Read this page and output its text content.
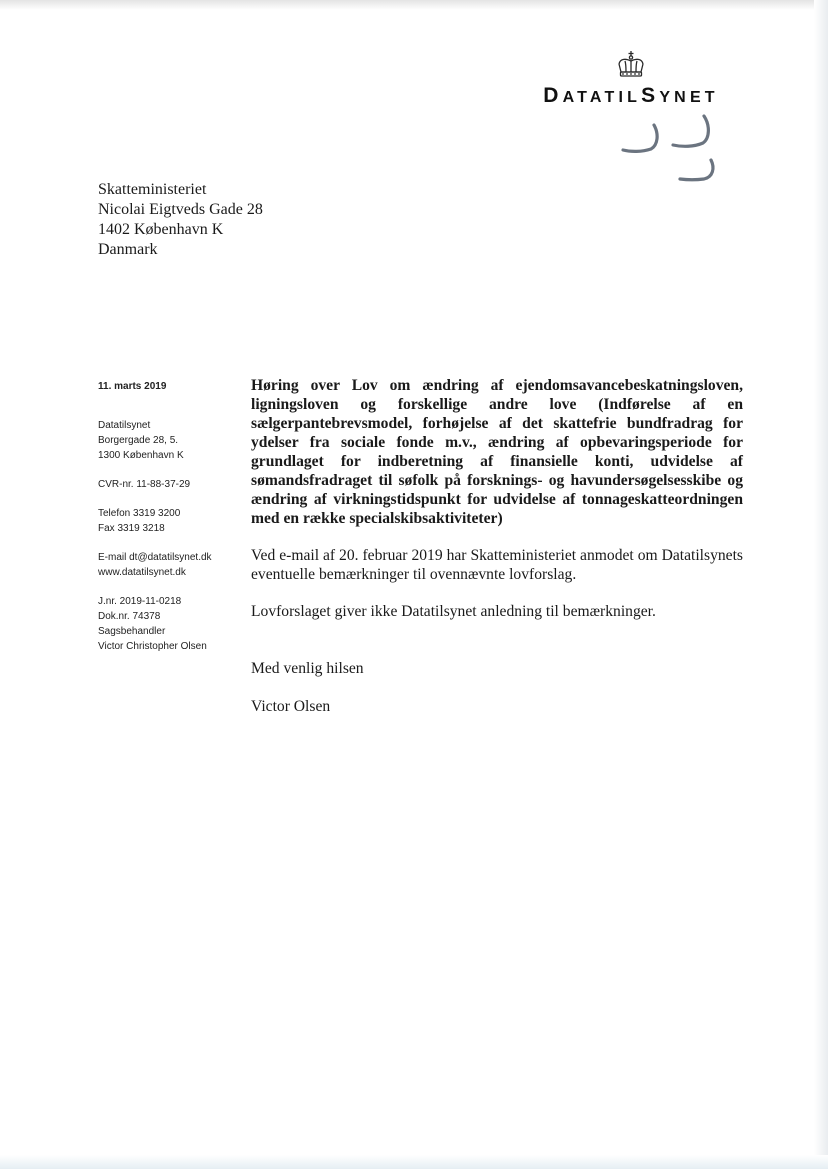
DATATILSYNET
Skatteministeriet
Nicolai Eigtveds Gade 28
1402 København K
Danmark
11. marts 2019
Datatilsynet
Borgergade 28, 5.
1300 København K
CVR-nr. 11-88-37-29
Telefon 3319 3200
Fax 3319 3218
E-mail dt@datatilsynet.dk
www.datatilsynet.dk
J.nr. 2019-11-0218
Dok.nr. 74378
Sagsbehandler
Victor Christopher Olsen

Høring over Lov om ændring af ejendomsavancebeskatningsloven, ligningsloven og forskellige andre love (Indførelse af en sælgerpantebrevsmodel, forhøjelse af det skattefrie bundfradrag for ydelser fra sociale fonde m.v., ændring af opbevaringsperiode for grundlaget for indberetning af finansielle konti, udvidelse af sømandsfradraget til søfolk på forsknings- og havundersøgelsesskibe og ændring af virkningstidspunkt for udvidelse af tonnageskatteordningen med en række specialskibsaktiviteter)

Ved e-mail af 20. februar 2019 har Skatteministeriet anmodet om Datatilsynets eventuelle bemærkninger til ovennævnte lovforslag.

Lovforslaget giver ikke Datatilsynet anledning til bemærkninger.

Med venlig hilsen

Victor Olsen
